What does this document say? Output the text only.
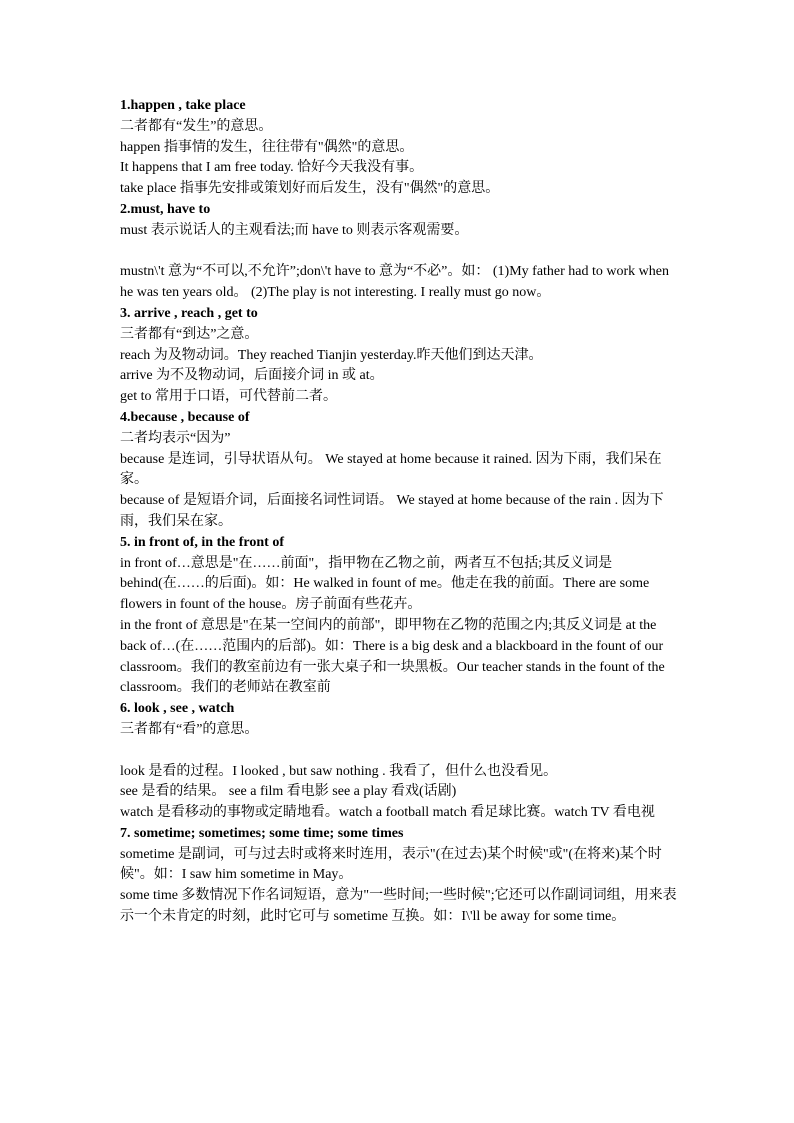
1.happen , take place

二者都有“发生”的意思。

happen 指事情的发生，往往带有"偶然"的意思。

It happens that I am free today. 恰好今天我没有事。

take place 指事先安排或策划好而后发生，没有"偶然"的意思。

2.must, have to

must 表示说话人的主观看法;而 have to 则表示客观需要。

mustn\'t 意为“不可以,不允许”;don\'t have to 意为“不必”。如： (1)My father had to work when he was ten years old。 (2)The play is not interesting. I really must go now。

3. arrive , reach , get to

三者都有“到达”之意。

reach 为及物动词。They reached Tianjin yesterday.昨天他们到达天津。

arrive 为不及物动词，后面接介词 in 或 at。

get to 常用于口语，可代替前二者。

4.because , because of

二者均表示“因为”

because 是连词，引导状语从句。 We stayed at home because it rained. 因为下雨，我们呆在家。

because of 是短语介词，后面接名词性词语。 We stayed at home because of the rain . 因为下雨，我们呆在家。

5. in front of, in the front of

in front of…意思是"在……前面"，指甲物在乙物之前，两者互不包括;其反义词是 behind(在……的后面)。如：He walked in fount of me。他走在我的前面。There are some flowers in fount of the house。房子前面有些花卉。

in the front of 意思是"在某一空间内的前部"，即甲物在乙物的范围之内;其反义词是 at the back of…(在……范围内的后部)。如：There is a big desk and a blackboard in the fount of our classroom。我们的教室前边有一张大桌子和一块黑板。Our teacher stands in the fount of the classroom。我们的老师站在教室前

6. look , see , watch

三者都有“看”的意思。

look 是看的过程。I looked , but saw nothing . 我看了，但什么也没看见。

see 是看的结果。 see a film 看电影 see a play 看戏(话剧)

watch 是看移动的事物或定睛地看。watch a football match 看足球比赛。watch TV 看电视

7. sometime; sometimes; some time; some times

sometime 是副词，可与过去时或将来时连用，表示"(在过去)某个时候"或"(在将来)某个时候"。如：I saw him sometime in May。

some time 多数情况下作名词短语，意为"一些时间;一些时候";它还可以作副词词组，用来表示一个未肯定的时刻，此时它可与 sometime 互换。如：I\'ll be away for some time。
